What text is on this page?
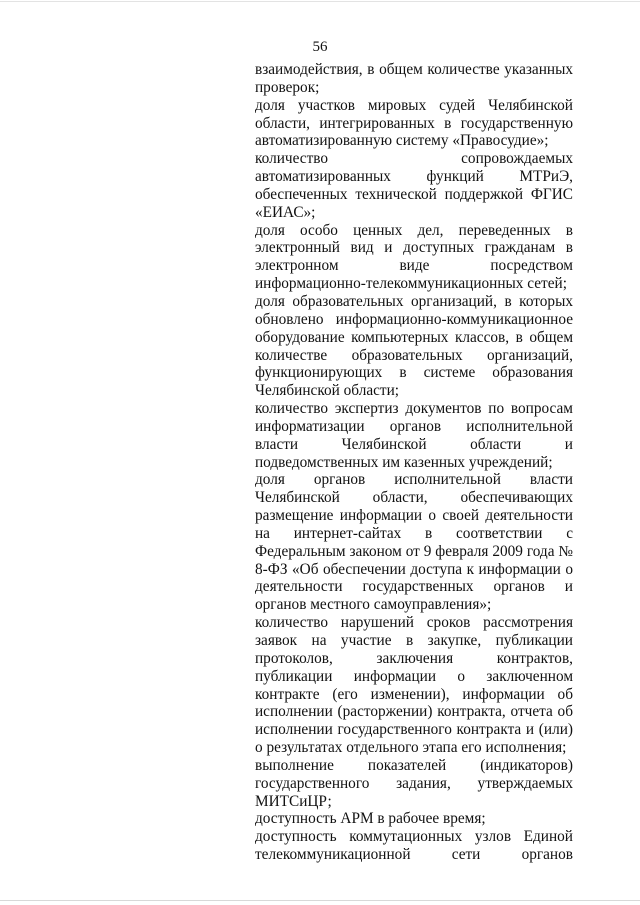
56
взаимодействия, в общем количестве указанных проверок;
доля участков мировых судей Челябинской области, интегрированных в государственную автоматизированную систему «Правосудие»;
количество сопровождаемых автоматизированных функций МТРиЭ, обеспеченных технической поддержкой ФГИС «ЕИАС»;
доля особо ценных дел, переведенных в электронный вид и доступных гражданам в электронном виде посредством информационно-телекоммуникационных сетей;
доля образовательных организаций, в которых обновлено информационно-коммуникационное оборудование компьютерных классов, в общем количестве образовательных организаций, функционирующих в системе образования Челябинской области;
количество экспертиз документов по вопросам информатизации органов исполнительной власти Челябинской области и подведомственных им казенных учреждений;
доля органов исполнительной власти Челябинской области, обеспечивающих размещение информации о своей деятельности на интернет-сайтах в соответствии с Федеральным законом от 9 февраля 2009 года № 8-ФЗ «Об обеспечении доступа к информации о деятельности государственных органов и органов местного самоуправления»;
количество нарушений сроков рассмотрения заявок на участие в закупке, публикации протоколов, заключения контрактов, публикации информации о заключенном контракте (его изменении), информации об исполнении (расторжении) контракта, отчета об исполнении государственного контракта и (или) о результатах отдельного этапа его исполнения;
выполнение показателей (индикаторов) государственного задания, утверждаемых МИТСиЦР;
доступность АРМ в рабочее время;
доступность коммутационных узлов Единой телекоммуникационной сети органов
